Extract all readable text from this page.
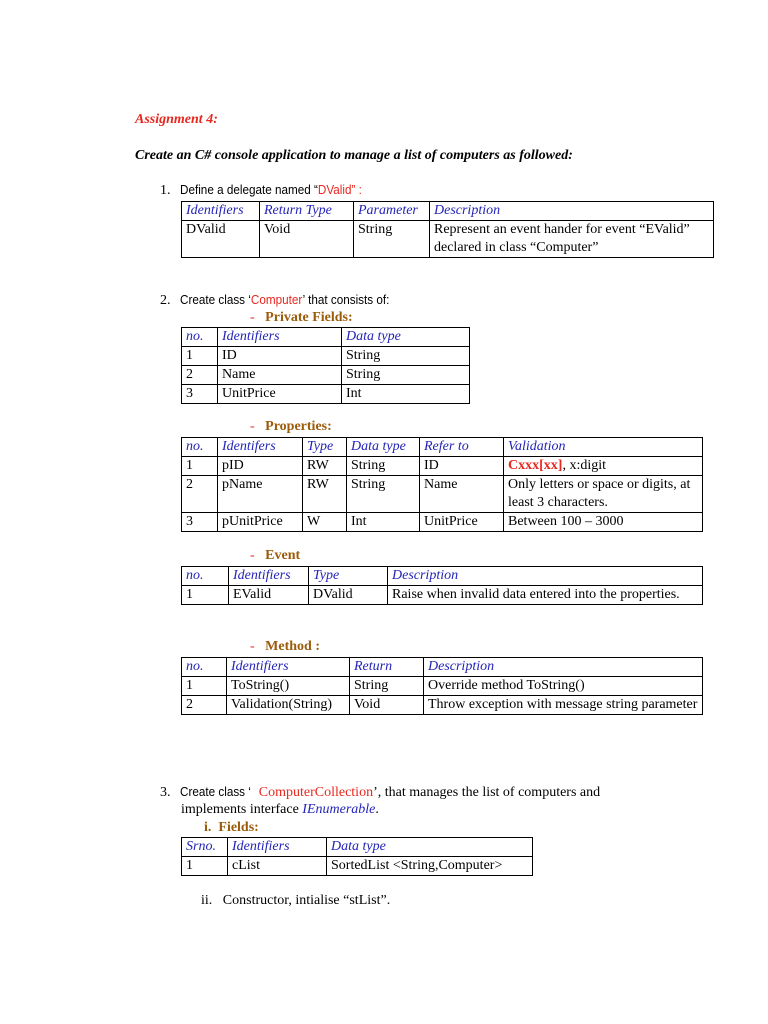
Assignment 4:
Create an C# console application to manage a list of computers as followed:
1. Define a delegate named “DValid” :
Identifiers	Return Type	Parameter	Description
DValid	Void	String	Represent an event hander for event “EValid” declared in class “Computer”
2. Create class ‘Computer’ that consists of:
- Private Fields:
no.	Identifiers	Data type
1	ID	String
2	Name	String
3	UnitPrice	Int
- Properties:
no.	Identifers	Type	Data type	Refer to	Validation
1	pID	RW	String	ID	Cxxx[xx], x:digit
2	pName	RW	String	Name	Only letters or space or digits, at least 3 characters.
3	pUnitPrice	W	Int	UnitPrice	Between 100 – 3000
- Event
no.	Identifiers	Type	Description
1	EValid	DValid	Raise when invalid data entered into the properties.
- Method :
no.	Identifiers	Return	Description
1	ToString()	String	Override method ToString()
2	Validation(String)	Void	Throw exception with message string parameter
3. Create class ‘ ComputerCollection’, that manages the list of computers and
implements interface IEnumerable.
i. Fields:
Srno.	Identifiers	Data type
1	cList	SortedList <String,Computer>
ii. Constructor, intialise “stList”.
